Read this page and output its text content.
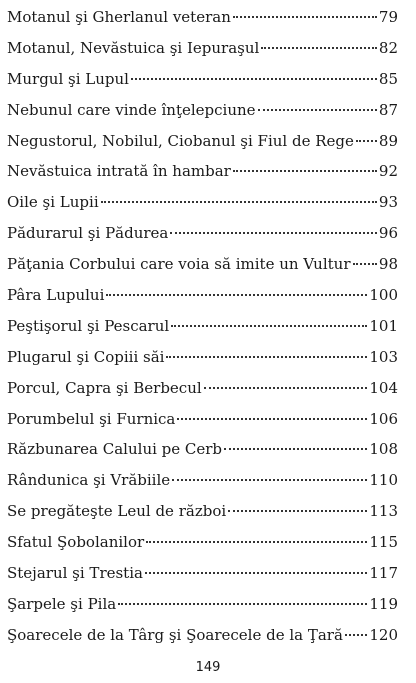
Motanul şi Gherlanul veteran	79
Motanul, Nevăstuica şi Iepuraşul	82
Murgul şi Lupul	85
Nebunul care vinde înţelepciune	87
Negustorul, Nobilul, Ciobanul şi Fiul de Rege 89
Nevăstuica intrată în hambar	92
Oile şi Lupii	93
Pădurarul şi Pădurea	96
Păţania Corbului care voia să imite un Vultur 98
Pâra Lupului	100
Peştişorul şi Pescarul	101
Plugarul şi Copiii săi	103
Porcul, Capra şi Berbecul	104
Porumbelul şi Furnica	106
Răzbunarea Calului pe Cerb	108
Rândunica şi Vrăbiile	110
Se pregăteşte Leul de război	113
Sfatul Şobolanilor	115
Stejarul şi Trestia	117
Şarpele şi Pila	119
Şoarecele de la Târg şi Şoarecele de la Ţară 120
149
